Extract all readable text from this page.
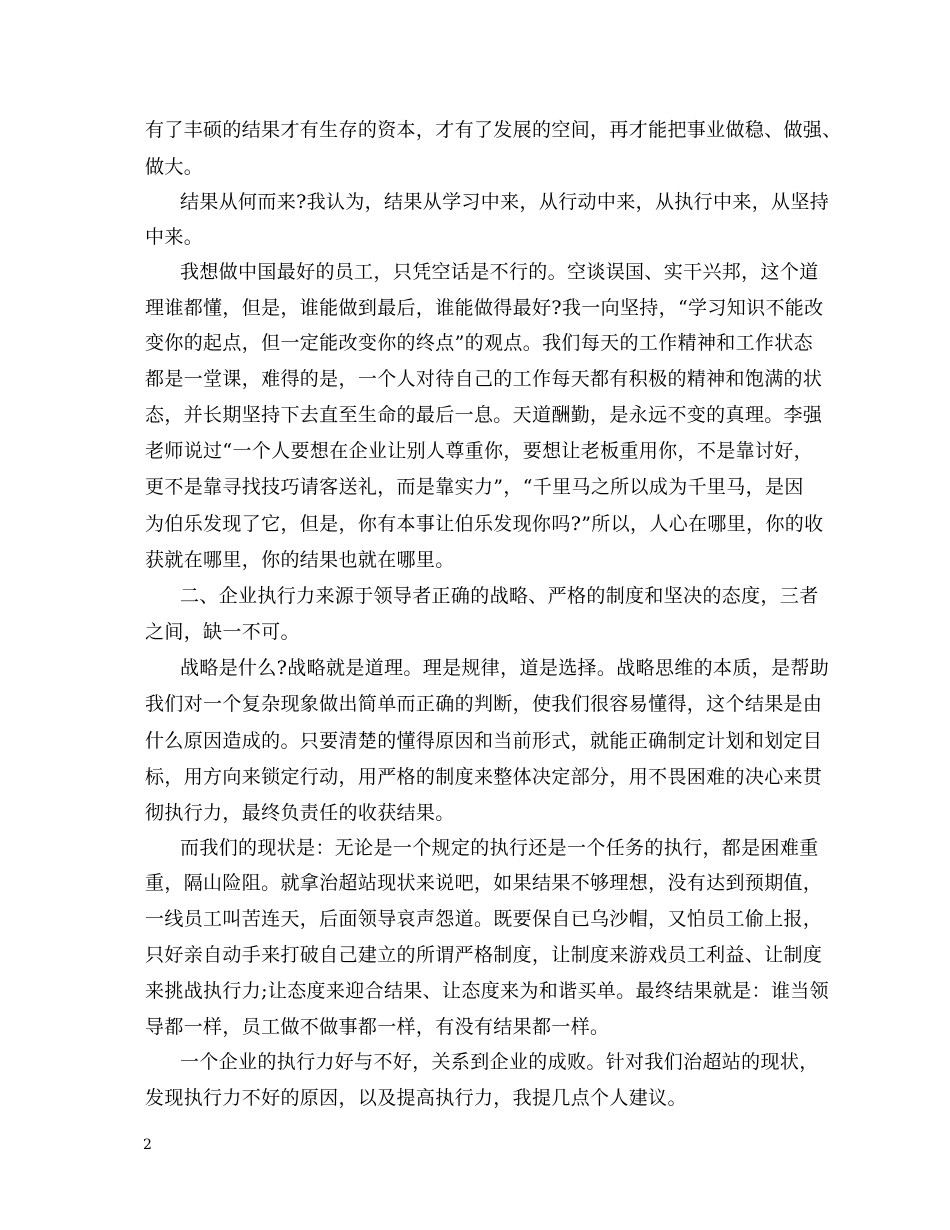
有了丰硕的结果才有生存的资本，才有了发展的空间，再才能把事业做稳、做强、
做大。
结果从何而来?我认为，结果从学习中来，从行动中来，从执行中来，从坚持
中来。
我想做中国最好的员工，只凭空话是不行的。空谈误国、实干兴邦，这个道
理谁都懂，但是，谁能做到最后，谁能做得最好?我一向坚持，“学习知识不能改
变你的起点，但一定能改变你的终点”的观点。我们每天的工作精神和工作状态
都是一堂课，难得的是，一个人对待自己的工作每天都有积极的精神和饱满的状
态，并长期坚持下去直至生命的最后一息。天道酬勤，是永远不变的真理。李强
老师说过“一个人要想在企业让别人尊重你，要想让老板重用你，不是靠讨好，
更不是靠寻找技巧请客送礼，而是靠实力”，“千里马之所以成为千里马，是因
为伯乐发现了它，但是，你有本事让伯乐发现你吗?”所以，人心在哪里，你的收
获就在哪里，你的结果也就在哪里。
二、企业执行力来源于领导者正确的战略、严格的制度和坚决的态度，三者
之间，缺一不可。
战略是什么?战略就是道理。理是规律，道是选择。战略思维的本质，是帮助
我们对一个复杂现象做出简单而正确的判断，使我们很容易懂得，这个结果是由
什么原因造成的。只要清楚的懂得原因和当前形式，就能正确制定计划和划定目
标，用方向来锁定行动，用严格的制度来整体决定部分，用不畏困难的决心来贯
彻执行力，最终负责任的收获结果。
而我们的现状是：无论是一个规定的执行还是一个任务的执行，都是困难重
重，隔山险阻。就拿治超站现状来说吧，如果结果不够理想，没有达到预期值，
一线员工叫苦连天，后面领导哀声怨道。既要保自已乌沙帽，又怕员工偷上报，
只好亲自动手来打破自己建立的所谓严格制度，让制度来游戏员工利益、让制度
来挑战执行力;让态度来迎合结果、让态度来为和谐买单。最终结果就是：谁当领
导都一样，员工做不做事都一样，有没有结果都一样。
一个企业的执行力好与不好，关系到企业的成败。针对我们治超站的现状，
发现执行力不好的原因，以及提高执行力，我提几点个人建议。
2
